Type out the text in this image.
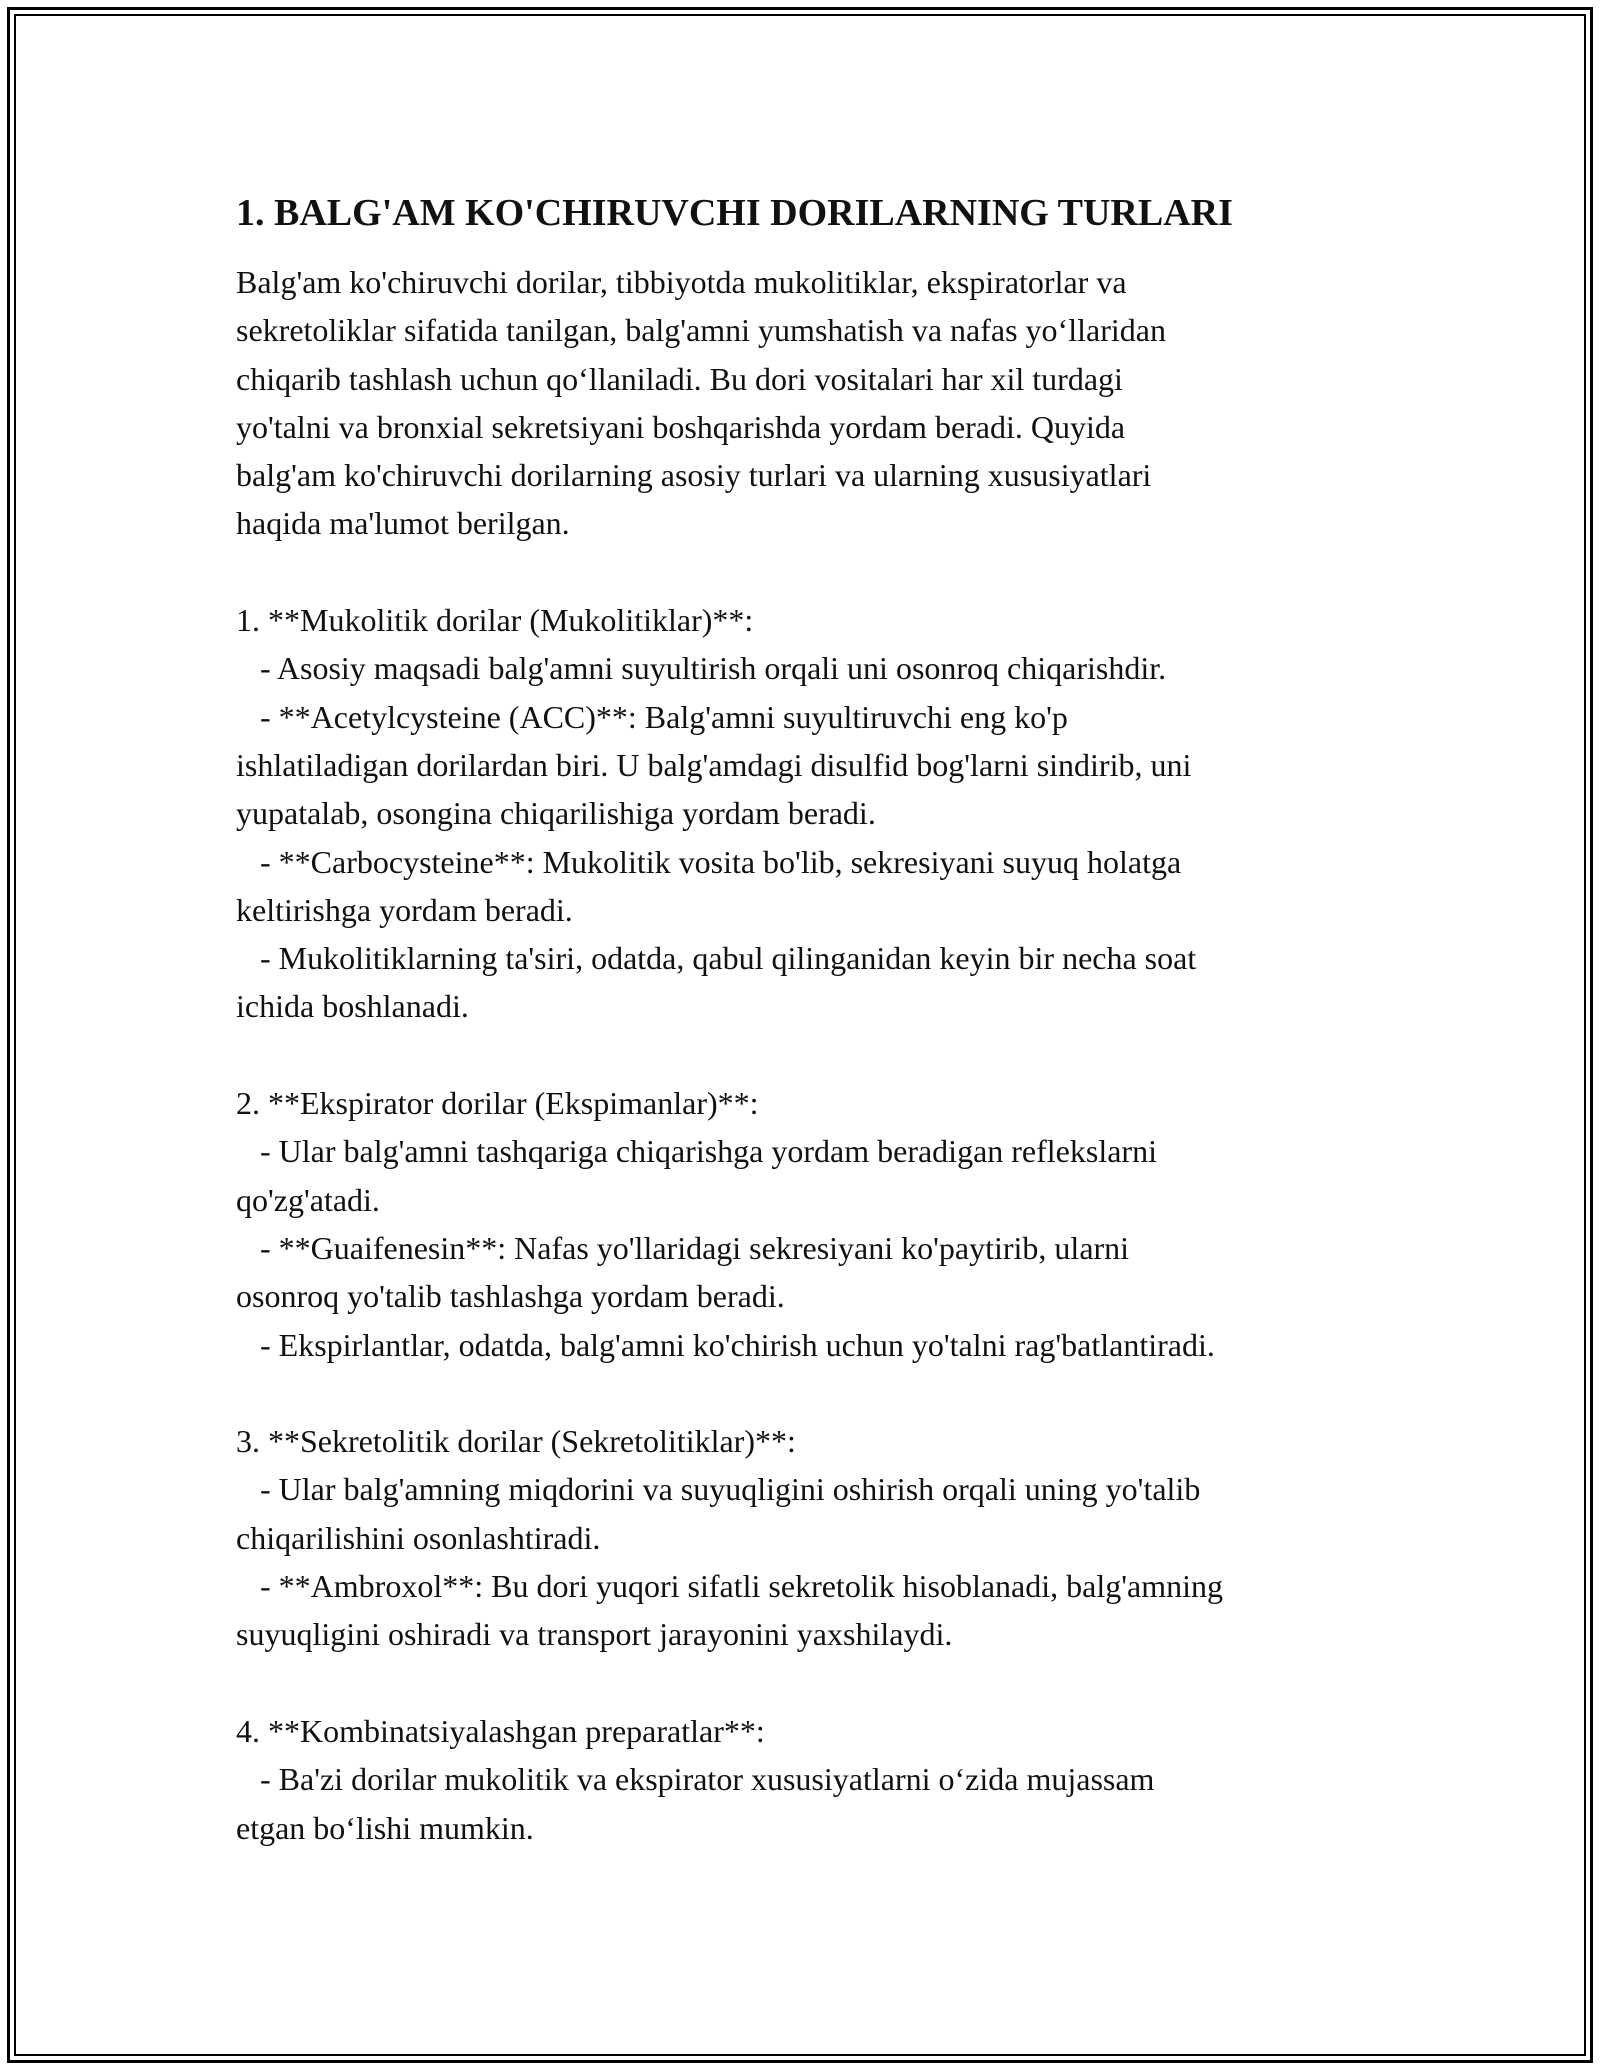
1. BALG'AM KO'CHIRUVCHI DORILARNING TURLARI
Balg'am ko'chiruvchi dorilar, tibbiyotda mukolitiklar, ekspiratorlar va
sekretoliklar sifatida tanilgan, balg'amni yumshatish va nafas yoʻllaridan
chiqarib tashlash uchun qoʻllaniladi. Bu dori vositalari har xil turdagi
yo'talni va bronxial sekretsiyani boshqarishda yordam beradi. Quyida
balg'am ko'chiruvchi dorilarning asosiy turlari va ularning xususiyatlari
haqida ma'lumot berilgan.
1. **Mukolitik dorilar (Mukolitiklar)**:
- Asosiy maqsadi balg'amni suyultirish orqali uni osonroq chiqarishdir.
- **Acetylcysteine (ACC)**: Balg'amni suyultiruvchi eng ko'p
ishlatiladigan dorilardan biri. U balg'amdagi disulfid bog'larni sindirib, uni
yupatalab, osongina chiqarilishiga yordam beradi.
- **Carbocysteine**: Mukolitik vosita bo'lib, sekresiyani suyuq holatga
keltirishga yordam beradi.
- Mukolitiklarning ta'siri, odatda, qabul qilinganidan keyin bir necha soat
ichida boshlanadi.
2. **Ekspirator dorilar (Ekspimanlar)**:
- Ular balg'amni tashqariga chiqarishga yordam beradigan reflekslarni
qo'zg'atadi.
- **Guaifenesin**: Nafas yo'llaridagi sekresiyani ko'paytirib, ularni
osonroq yo'talib tashlashga yordam beradi.
- Ekspirlantlar, odatda, balg'amni ko'chirish uchun yo'talni rag'batlantiradi.
3. **Sekretolitik dorilar (Sekretolitiklar)**:
- Ular balg'amning miqdorini va suyuqligini oshirish orqali uning yo'talib
chiqarilishini osonlashtiradi.
- **Ambroxol**: Bu dori yuqori sifatli sekretolik hisoblanadi, balg'amning
suyuqligini oshiradi va transport jarayonini yaxshilaydi.
4. **Kombinatsiyalashgan preparatlar**:
- Ba'zi dorilar mukolitik va ekspirator xususiyatlarni oʻzida mujassam
etgan boʻlishi mumkin.
